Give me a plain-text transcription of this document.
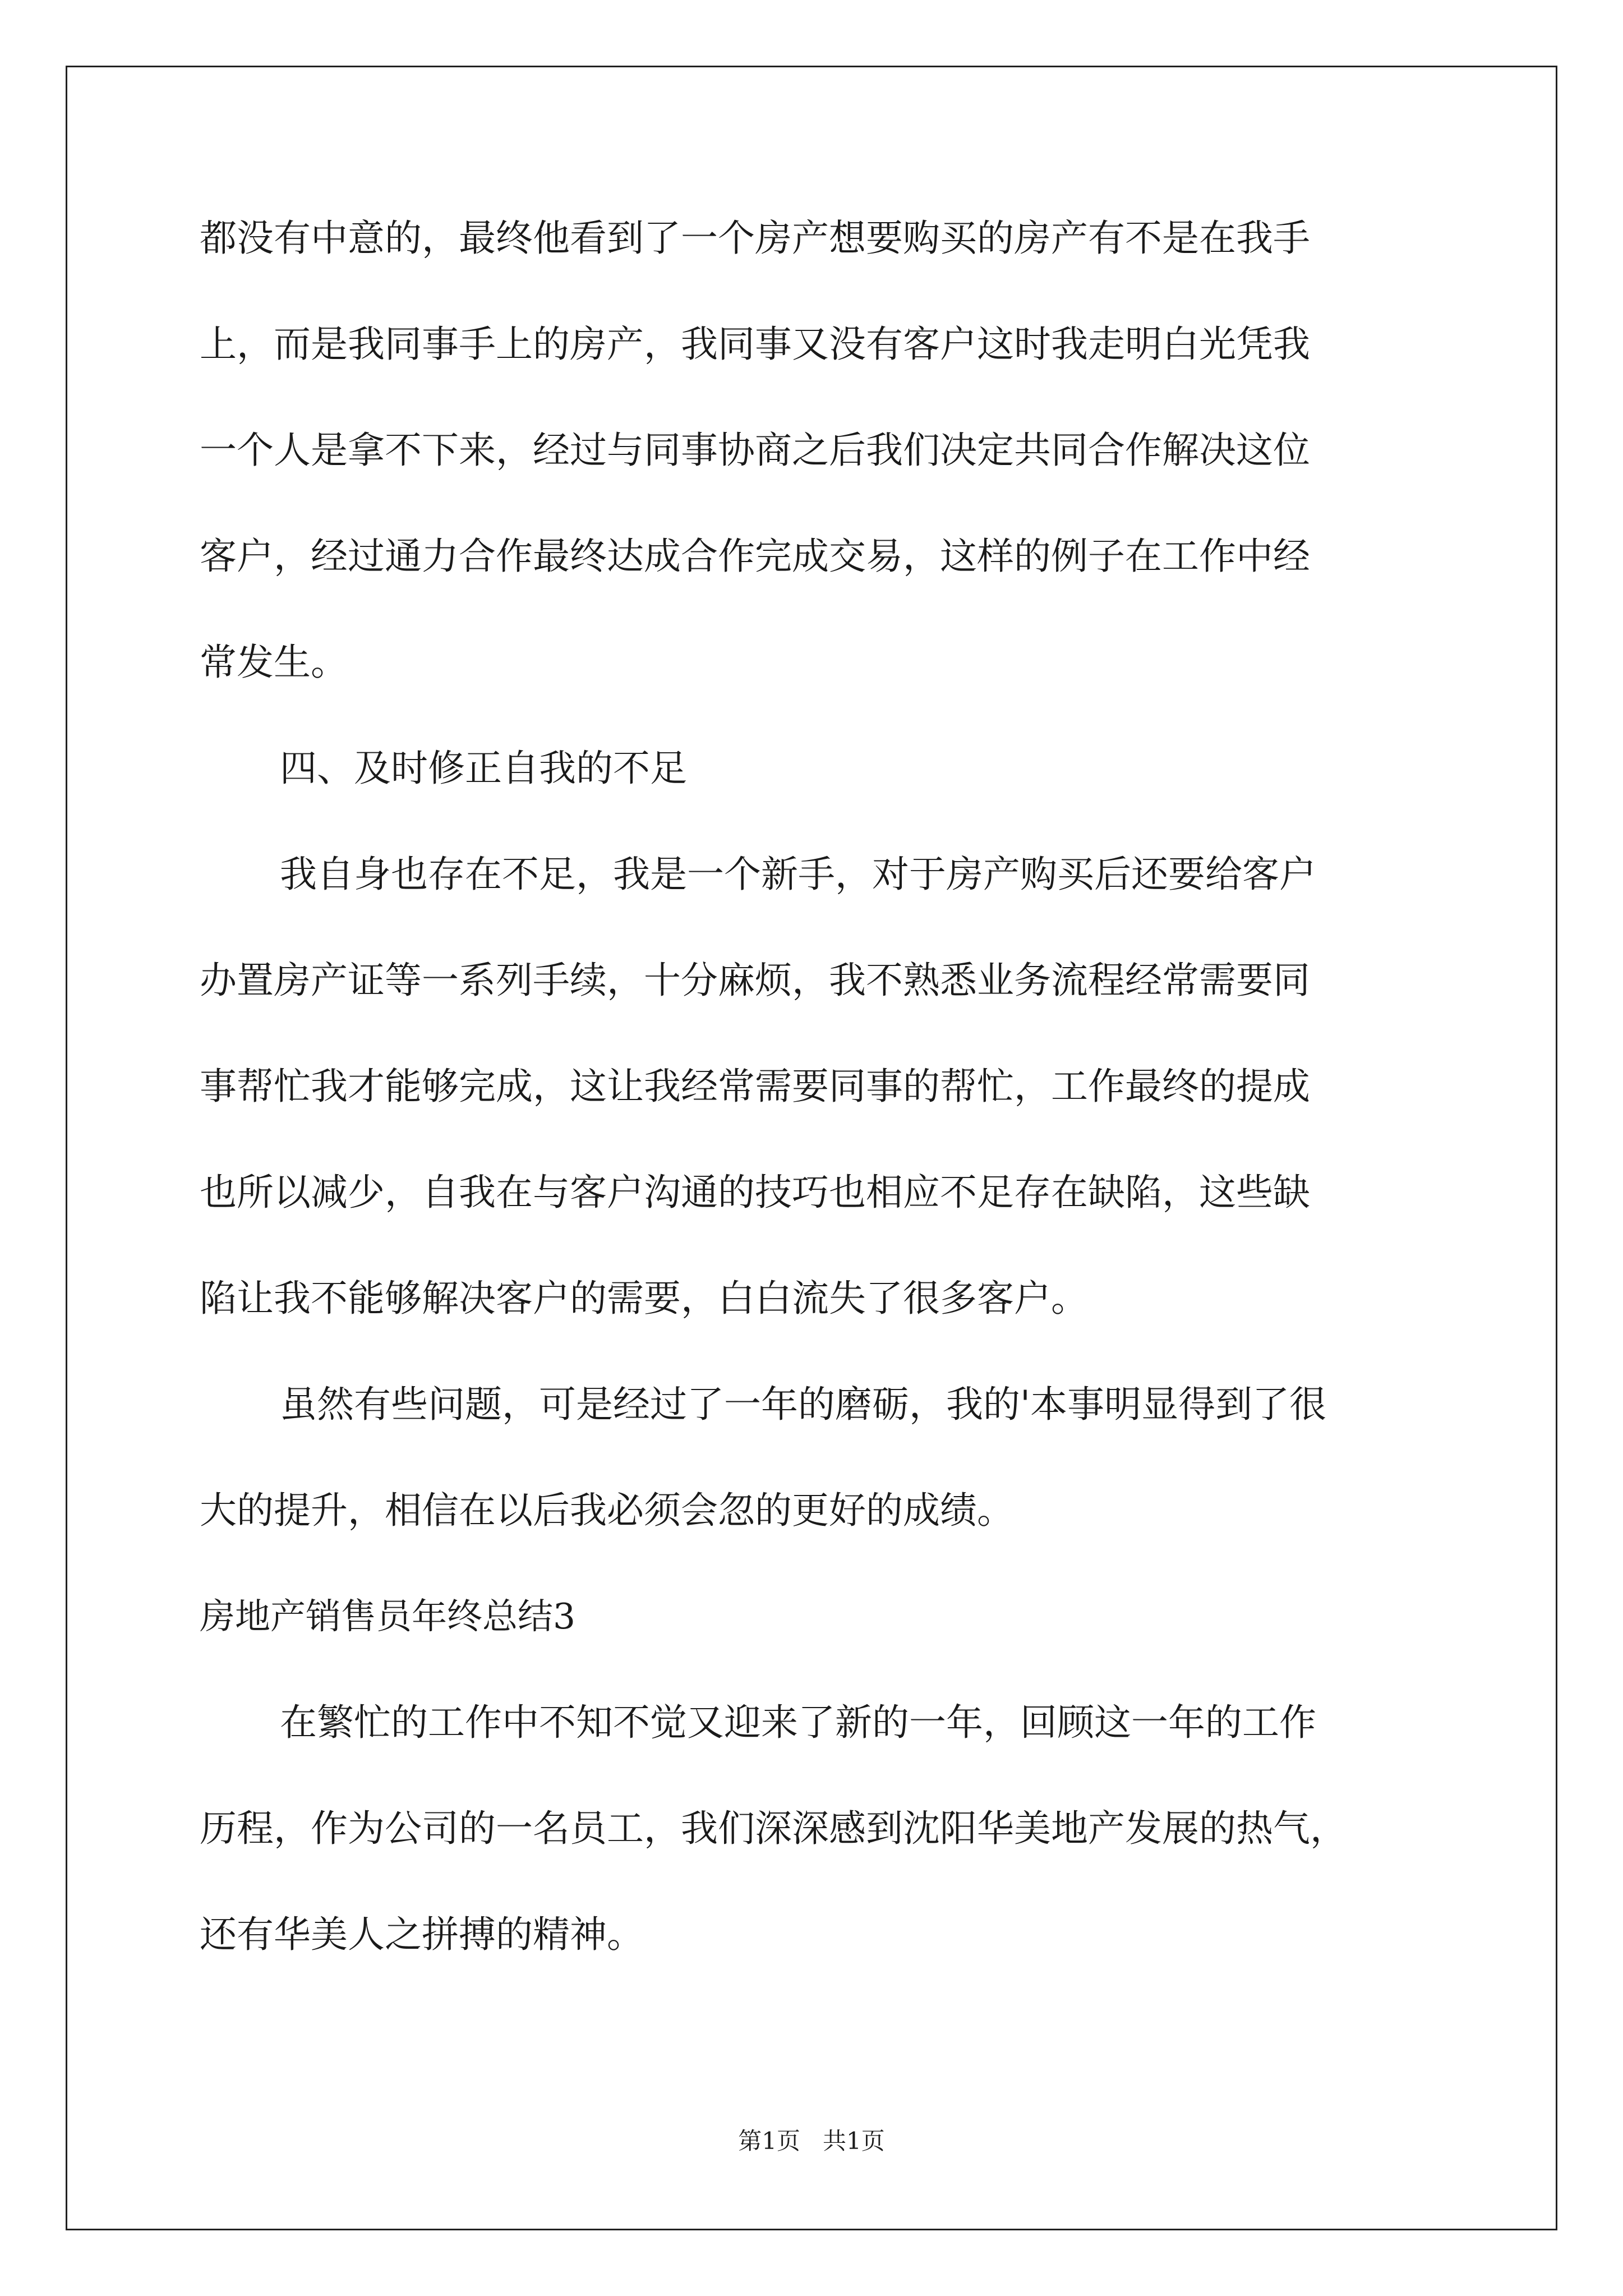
都没有中意的，最终他看到了一个房产想要购买的房产有不是在我手
上，而是我同事手上的房产，我同事又没有客户这时我走明白光凭我
一个人是拿不下来，经过与同事协商之后我们决定共同合作解决这位
客户，经过通力合作最终达成合作完成交易，这样的例子在工作中经
常发生。
四、及时修正自我的不足
我自身也存在不足，我是一个新手，对于房产购买后还要给客户
办置房产证等一系列手续，十分麻烦，我不熟悉业务流程经常需要同
事帮忙我才能够完成，这让我经常需要同事的帮忙，工作最终的提成
也所以减少，自我在与客户沟通的技巧也相应不足存在缺陷，这些缺
陷让我不能够解决客户的需要，白白流失了很多客户。
虽然有些问题，可是经过了一年的磨砺，我的'本事明显得到了很
大的提升，相信在以后我必须会忽的更好的成绩。
房地产销售员年终总结3
在繁忙的工作中不知不觉又迎来了新的一年，回顾这一年的工作
历程，作为公司的一名员工，我们深深感到沈阳华美地产发展的热气，
还有华美人之拼搏的精神。
第1页   共1页
